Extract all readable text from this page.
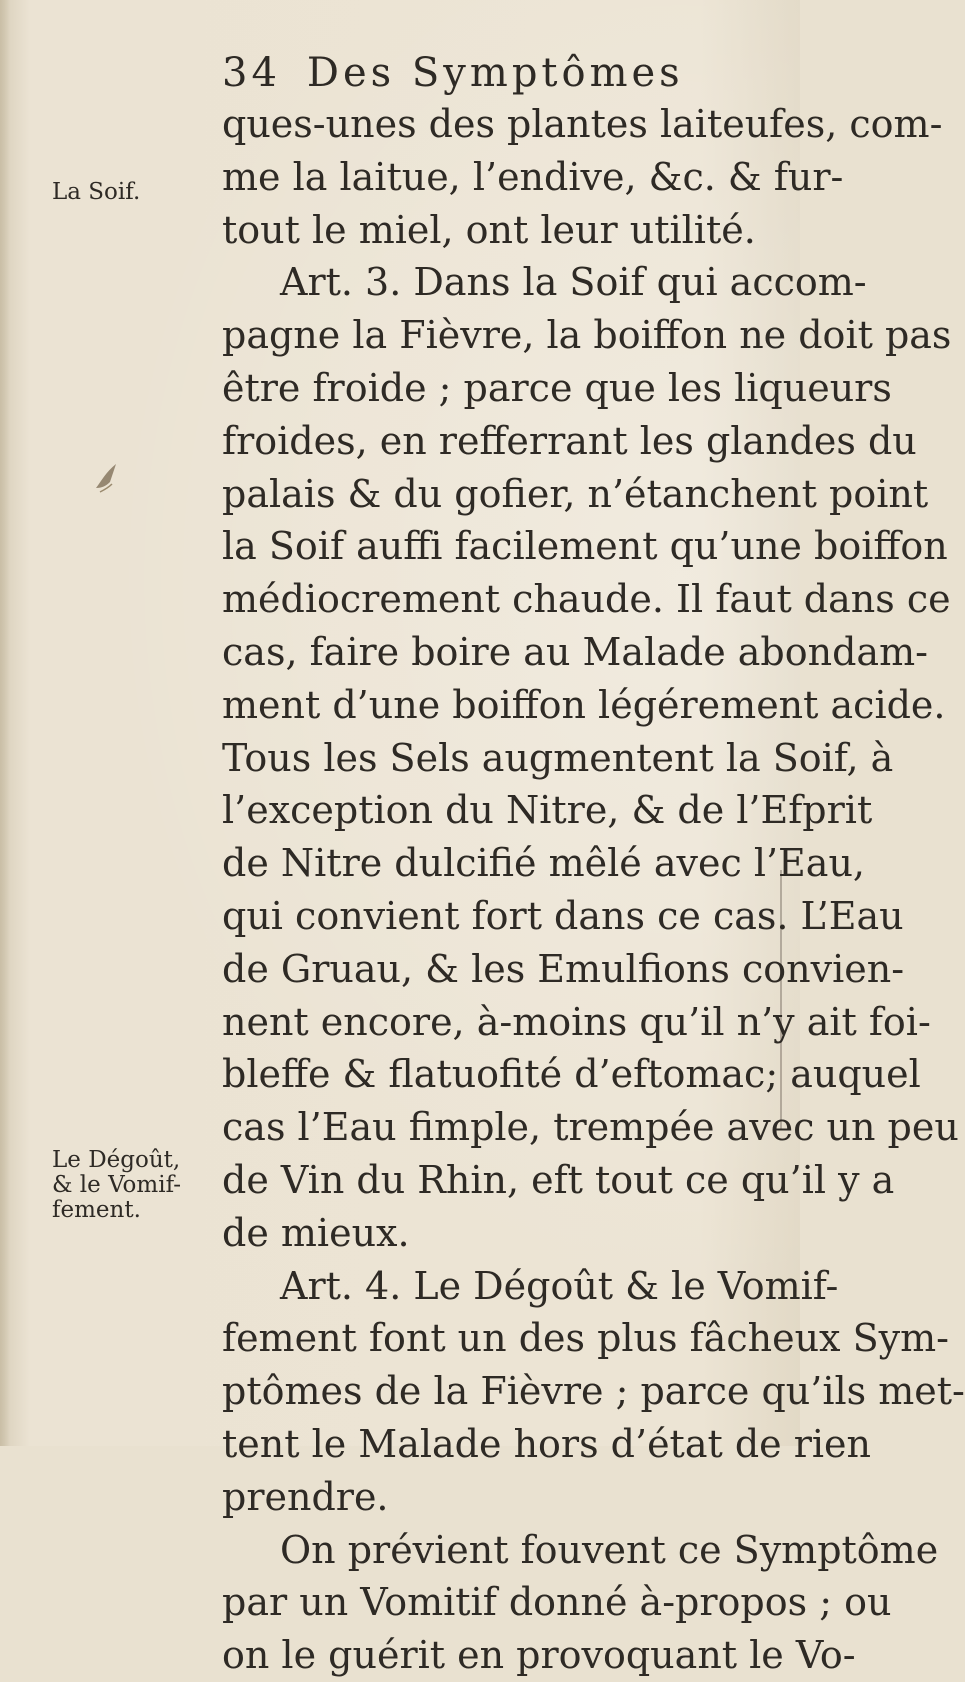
34 Des Symptômes
La Soif.
Le Dégoût,
& le Vomif-
fement.
ques-unes des plantes laiteufes, com-
me la laitue, l’endive, &c. & fur-
tout le miel, ont leur utilité.
Art. 3. Dans la Soif qui accom-
pagne la Fièvre, la boiffon ne doit pas
être froide ; parce que les liqueurs
froides, en refferrant les glandes du
palais & du gofier, n’étanchent point
la Soif auffi facilement qu’une boiffon
médiocrement chaude. Il faut dans ce
cas, faire boire au Malade abondam-
ment d’une boiffon légérement acide.
Tous les Sels augmentent la Soif, à
l’exception du Nitre, & de l’Efprit
de Nitre dulcifié mêlé avec l’Eau,
qui convient fort dans ce cas. L’Eau
de Gruau, & les Emulfions convien-
nent encore, à-moins qu’il n’y ait foi-
bleffe & flatuofité d’eftomac; auquel
cas l’Eau fimple, trempée avec un peu
de Vin du Rhin, eft tout ce qu’il y a
de mieux.
Art. 4. Le Dégoût & le Vomif-
fement font un des plus fâcheux Sym-
ptômes de la Fièvre ; parce qu’ils met-
tent le Malade hors d’état de rien
prendre.
On prévient fouvent ce Symptôme
par un Vomitif donné à-propos ; ou
on le guérit en provoquant le Vo-
